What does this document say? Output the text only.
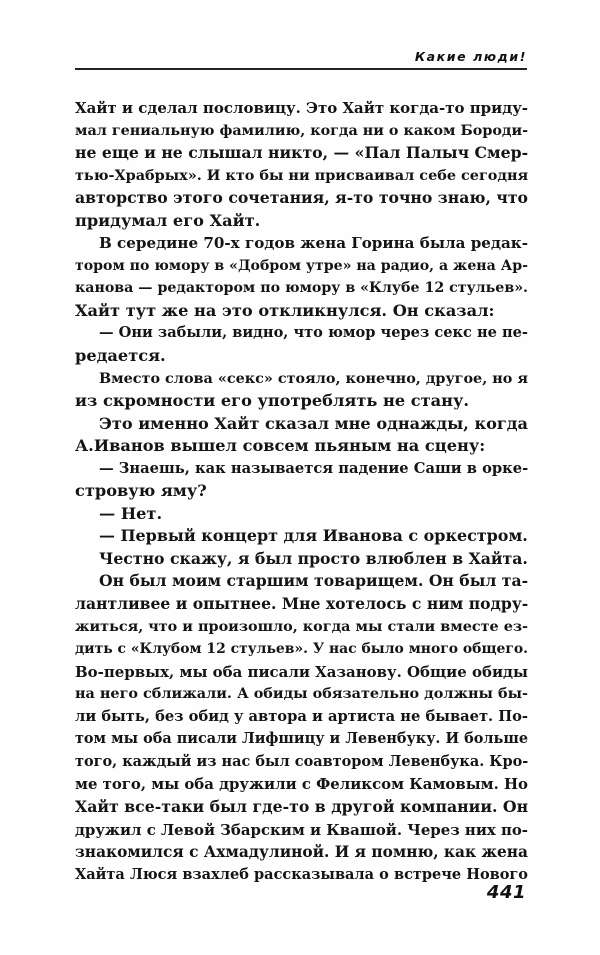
Какие люди!
Хайт и сделал пословицу. Это Хайт когда-то приду-
мал гениальную фамилию, когда ни о каком Бороди-
не еще и не слышал никто, — «Пал Палыч Смер-
тью-Храбрых». И кто бы ни присваивал себе сегодня
авторство этого сочетания, я-то точно знаю, что
придумал его Хайт.
В середине 70-х годов жена Горина была редак-
тором по юмору в «Добром утре» на радио, а жена Ар-
канова — редактором по юмору в «Клубе 12 стульев».
Хайт тут же на это откликнулся. Он сказал:
— Они забыли, видно, что юмор через секс не пе-
редается.
Вместо слова «секс» стояло, конечно, другое, но я
из скромности его употреблять не стану.
Это именно Хайт сказал мне однажды, когда
А.Иванов вышел совсем пьяным на сцену:
— Знаешь, как называется падение Саши в орке-
стровую яму?
— Нет.
— Первый концерт для Иванова с оркестром.
Честно скажу, я был просто влюблен в Хайта.
Он был моим старшим товарищем. Он был та-
лантливее и опытнее. Мне хотелось с ним подру-
житься, что и произошло, когда мы стали вместе ез-
дить с «Клубом 12 стульев». У нас было много общего.
Во-первых, мы оба писали Хазанову. Общие обиды
на него сближали. А обиды обязательно должны бы-
ли быть, без обид у автора и артиста не бывает. По-
том мы оба писали Лифшицу и Левенбуку. И больше
того, каждый из нас был соавтором Левенбука. Кро-
ме того, мы оба дружили с Феликсом Камовым. Но
Хайт все-таки был где-то в другой компании. Он
дружил с Левой Збарским и Квашой. Через них по-
знакомился с Ахмадулиной. И я помню, как жена
Хайта Люся взахлеб рассказывала о встрече Нового
441
